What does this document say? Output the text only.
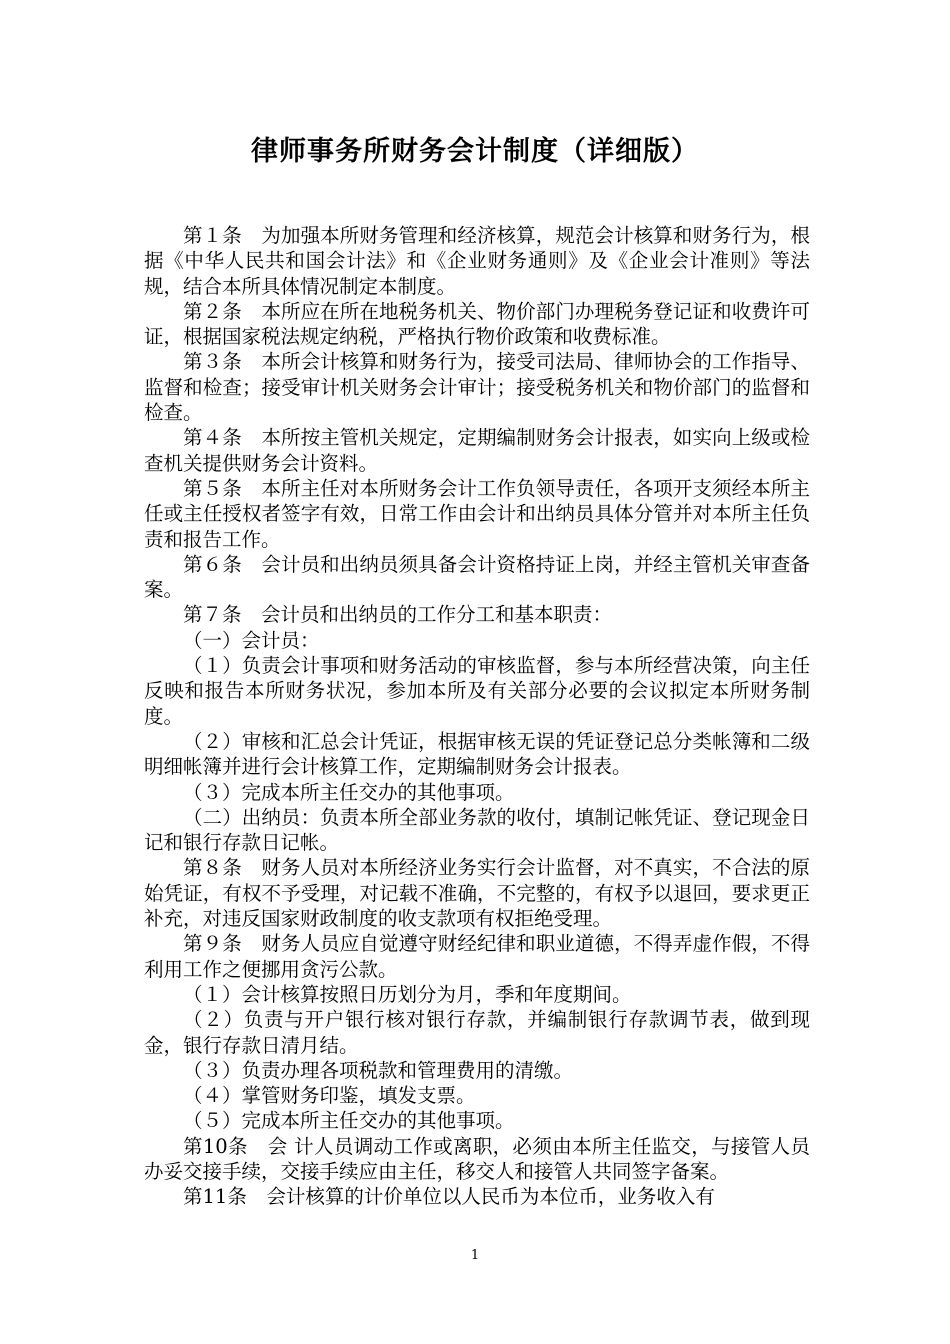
律师事务所财务会计制度（详细版）

第１条　为加强本所财务管理和经济核算，规范会计核算和财务行为，根据《中华人民共和国会计法》和《企业财务通则》及《企业会计准则》等法规，结合本所具体情况制定本制度。

第２条　本所应在所在地税务机关、物价部门办理税务登记证和收费许可证，根据国家税法规定纳税，严格执行物价政策和收费标准。

第３条　本所会计核算和财务行为，接受司法局、律师协会的工作指导、监督和检查；接受审计机关财务会计审计；接受税务机关和物价部门的监督和检查。

第４条　本所按主管机关规定，定期编制财务会计报表，如实向上级或检查机关提供财务会计资料。

第５条　本所主任对本所财务会计工作负领导责任，各项开支须经本所主任或主任授权者签字有效，日常工作由会计和出纳员具体分管并对本所主任负责和报告工作。

第６条　会计员和出纳员须具备会计资格持证上岗，并经主管机关审查备案。

第７条　会计员和出纳员的工作分工和基本职责：

（一）会计员：

（１）负责会计事项和财务活动的审核监督，参与本所经营决策，向主任反映和报告本所财务状况，参加本所及有关部分必要的会议拟定本所财务制度。

（２）审核和汇总会计凭证，根据审核无误的凭证登记总分类帐簿和二级明细帐簿并进行会计核算工作，定期编制财务会计报表。

（３）完成本所主任交办的其他事项。

（二）出纳员：负责本所全部业务款的收付，填制记帐凭证、登记现金日记和银行存款日记帐。

第８条　财务人员对本所经济业务实行会计监督，对不真实，不合法的原始凭证，有权不予受理，对记载不准确，不完整的，有权予以退回，要求更正补充，对违反国家财政制度的收支款项有权拒绝受理。

第９条　财务人员应自觉遵守财经纪律和职业道德，不得弄虚作假，不得利用工作之便挪用贪污公款。

（１）会计核算按照日历划分为月，季和年度期间。

（２）负责与开户银行核对银行存款，并编制银行存款调节表，做到现金，银行存款日清月结。

（３）负责办理各项税款和管理费用的清缴。

（４）掌管财务印鉴，填发支票。

（５）完成本所主任交办的其他事项。

第10条　会 计人员调动工作或离职，必须由本所主任监交，与接管人员办妥交接手续，交接手续应由主任，移交人和接管人共同签字备案。

第11条　会计核算的计价单位以人民币为本位币，业务收入有

1
